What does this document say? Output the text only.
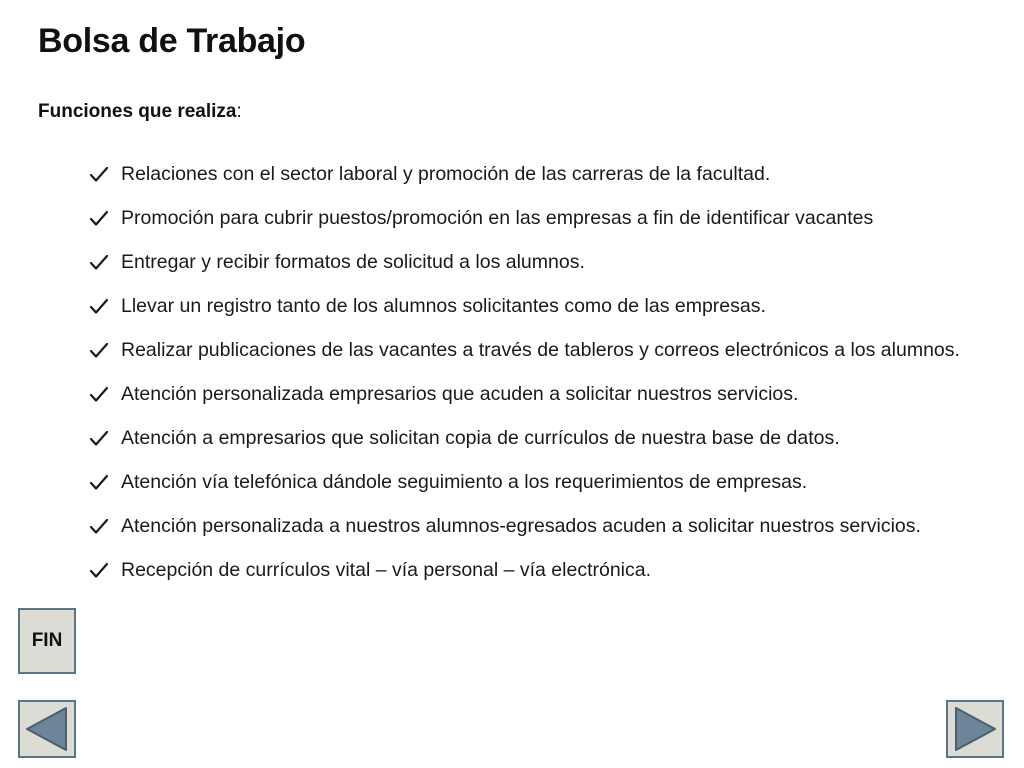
Bolsa de Trabajo
Funciones que realiza:
Relaciones con el sector laboral y promoción de las carreras de la facultad.
Promoción para cubrir puestos/promoción en las empresas a fin de identificar vacantes
Entregar y recibir formatos de solicitud a los alumnos.
Llevar un registro tanto de los alumnos solicitantes como de las empresas.
Realizar publicaciones de las vacantes a través de tableros y correos electrónicos a los alumnos.
Atención personalizada empresarios que acuden a solicitar nuestros servicios.
Atención a empresarios que solicitan copia de currículos de nuestra base de datos.
Atención vía telefónica dándole seguimiento a los requerimientos de empresas.
Atención personalizada a nuestros alumnos-egresados acuden a solicitar nuestros servicios.
Recepción de currículos vital – vía personal – vía electrónica.
FIN
